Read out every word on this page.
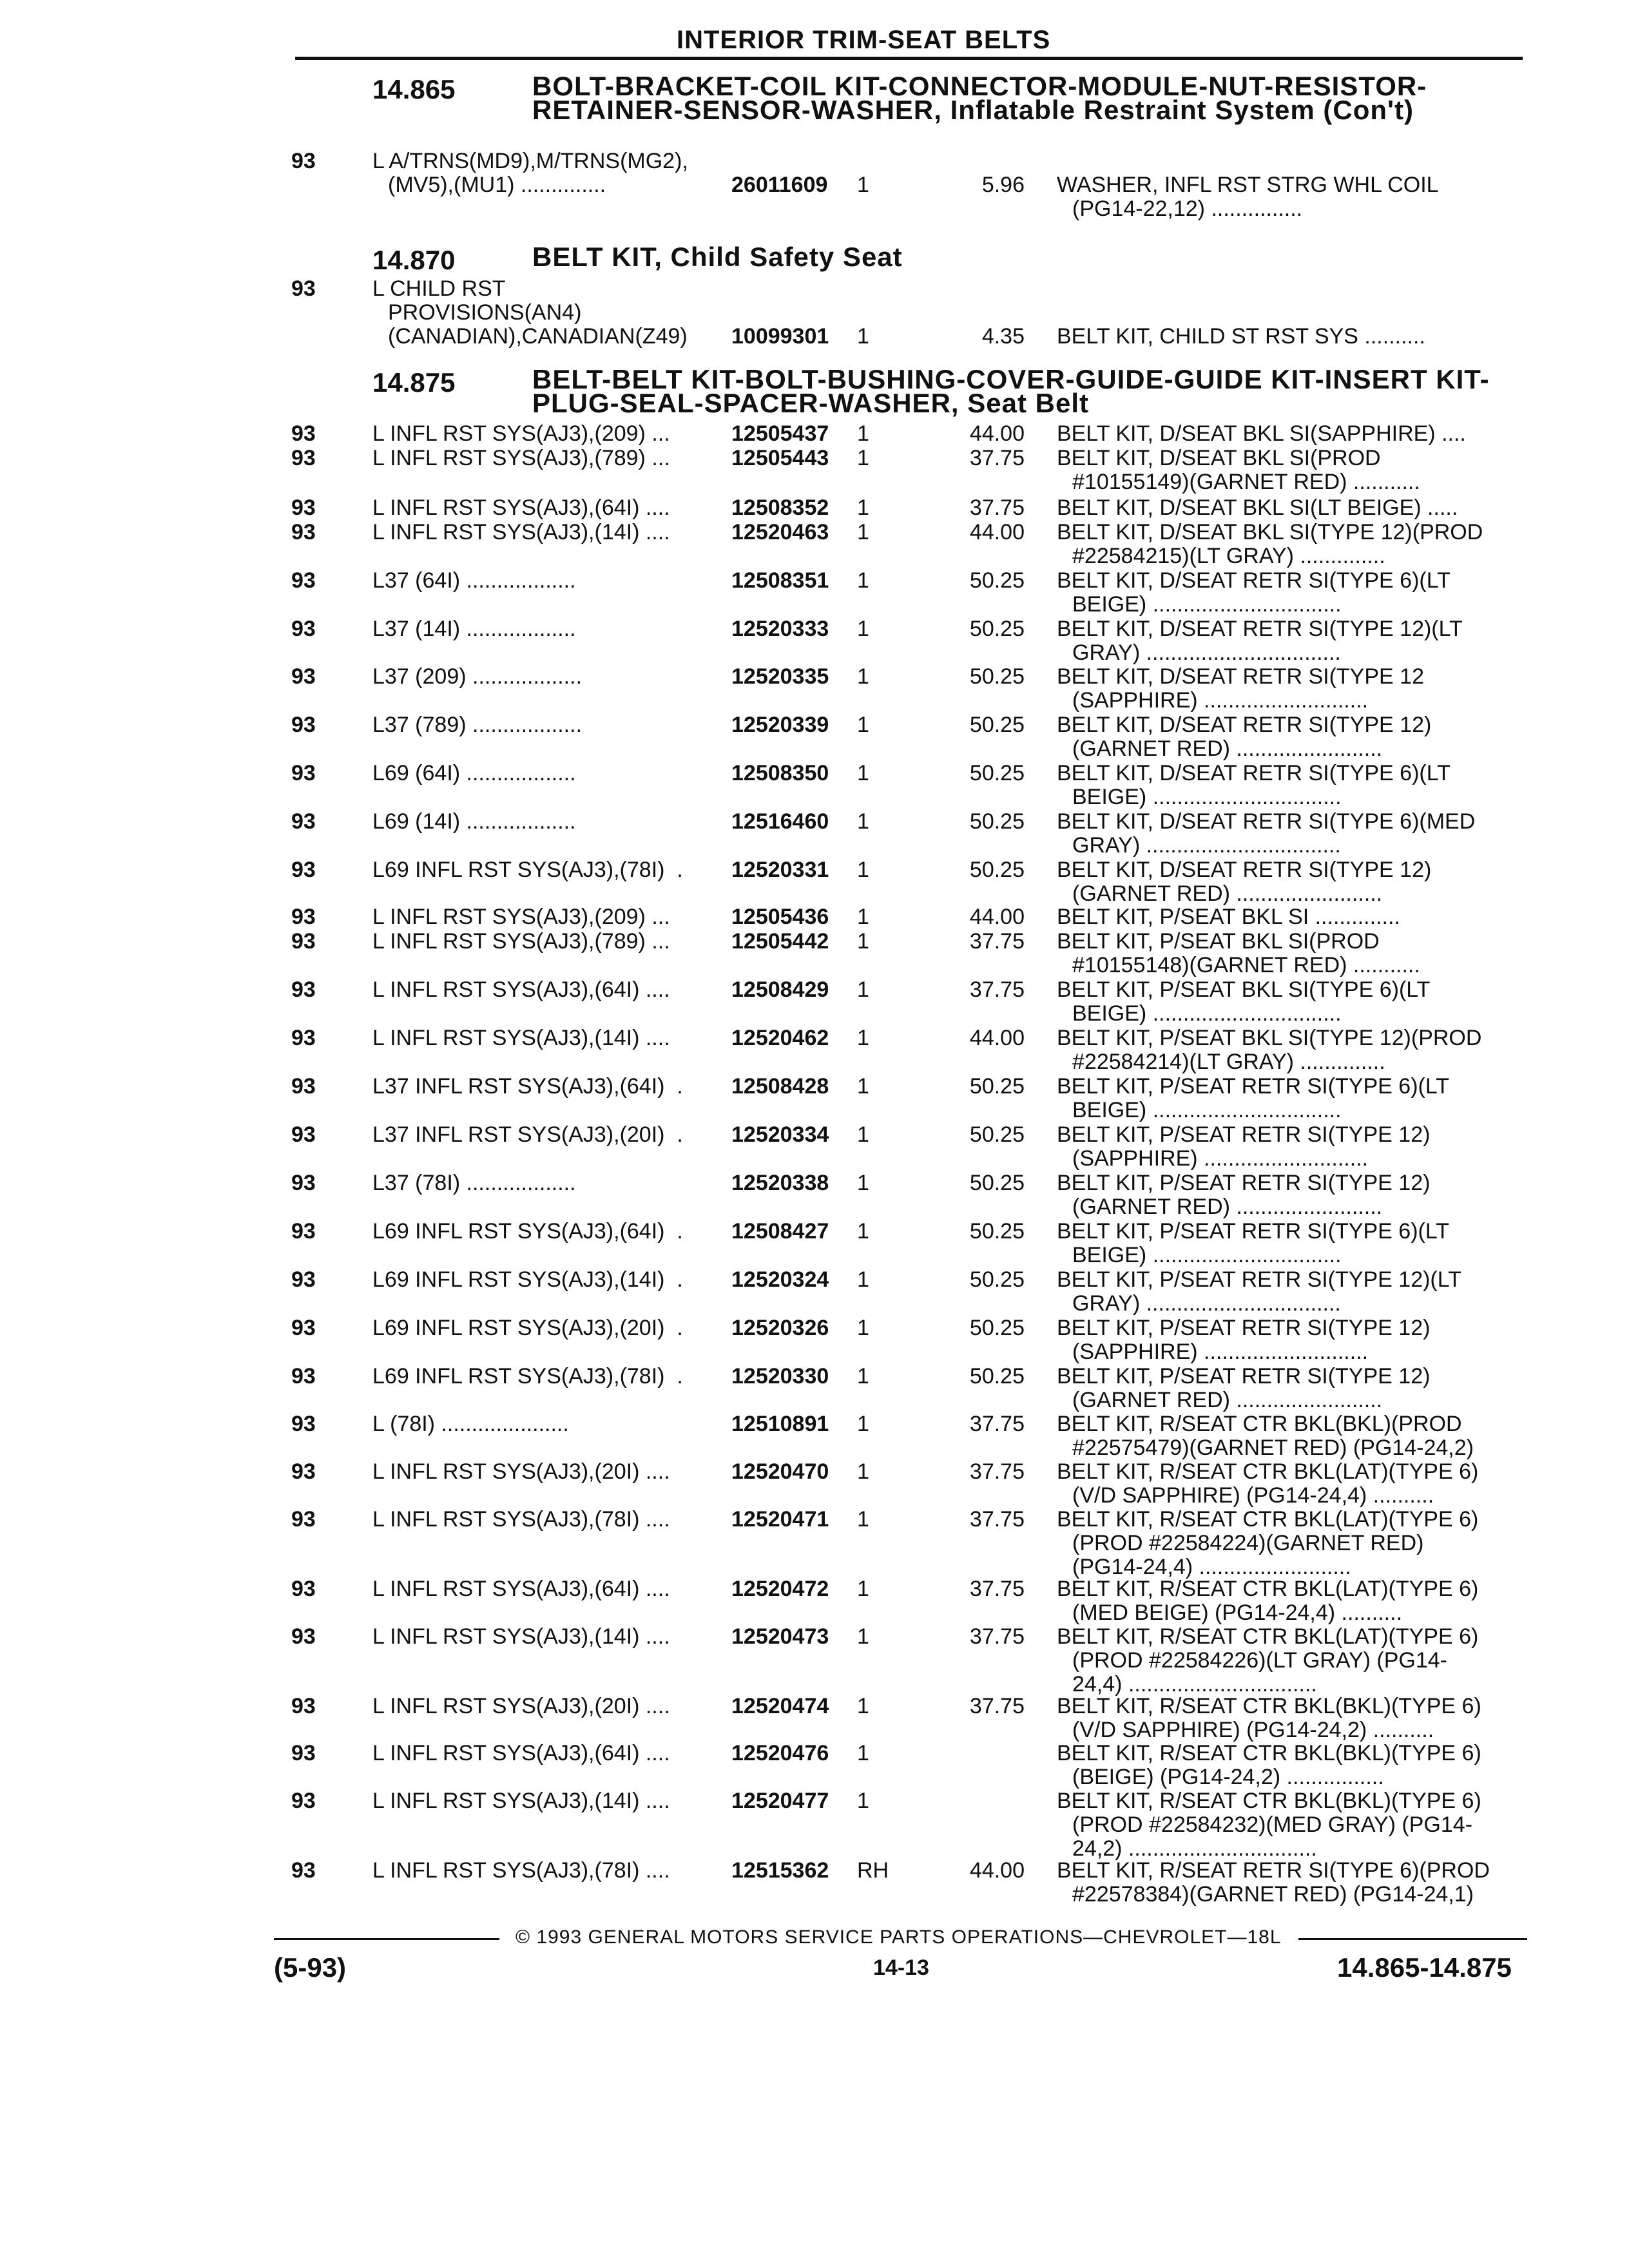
INTERIOR TRIM-SEAT BELTS
14.865	BOLT-BRACKET-COIL KIT-CONNECTOR-MODULE-NUT-RESISTOR-RETAINER-SENSOR-WASHER, Inflatable Restraint System (Con't)
14.870	BELT KIT, Child Safety Seat
14.875	BELT-BELT KIT-BOLT-BUSHING-COVER-GUIDE-GUIDE KIT-INSERT KIT-PLUG-SEAL-SPACER-WASHER, Seat Belt
93	L A/TRNS(MD9),M/TRNS(MG2),
(MV5),(MU1) ..............	26011609 1	5.96 WASHER, INFL RST STRG WHL COIL
(PG14-22,12) ...............
93	L CHILD RST
PROVISIONS(AN4)
(CANADIAN),CANADIAN(Z49)	10099301 1	4.35 BELT KIT, CHILD ST RST SYS ..........
93	L INFL RST SYS(AJ3),(209) ...	12505437 1	44.00 BELT KIT, D/SEAT BKL SI(SAPPHIRE) ....
93	L INFL RST SYS(AJ3),(789) ...	12505443 1	37.75 BELT KIT, D/SEAT BKL SI(PROD
#10155149)(GARNET RED) ...........
93	L INFL RST SYS(AJ3),(64I) ....	12508352 1	37.75 BELT KIT, D/SEAT BKL SI(LT BEIGE) .....
93	L INFL RST SYS(AJ3),(14I) ....	12520463 1	44.00 BELT KIT, D/SEAT BKL SI(TYPE 12)(PROD
#22584215)(LT GRAY) ..............
93	L37 (64I) ..................	12508351 1	50.25 BELT KIT, D/SEAT RETR SI(TYPE 6)(LT
BEIGE) ...............................
93	L37 (14I) ..................	12520333 1	50.25 BELT KIT, D/SEAT RETR SI(TYPE 12)(LT
GRAY) ................................
93	L37 (209) ..................	12520335 1	50.25 BELT KIT, D/SEAT RETR SI(TYPE 12
(SAPPHIRE) ...........................
93	L37 (789) ..................	12520339 1	50.25 BELT KIT, D/SEAT RETR SI(TYPE 12)
(GARNET RED) ........................
93	L69 (64I) ..................	12508350 1	50.25 BELT KIT, D/SEAT RETR SI(TYPE 6)(LT
BEIGE) ...............................
93	L69 (14I) ..................	12516460 1	50.25 BELT KIT, D/SEAT RETR SI(TYPE 6)(MED
GRAY) ................................
93	L69 INFL RST SYS(AJ3),(78I)  .	12520331 1	50.25 BELT KIT, D/SEAT RETR SI(TYPE 12)
(GARNET RED) ........................
93	L INFL RST SYS(AJ3),(209) ...	12505436 1	44.00 BELT KIT, P/SEAT BKL SI ..............
93	L INFL RST SYS(AJ3),(789) ...	12505442 1	37.75 BELT KIT, P/SEAT BKL SI(PROD
#10155148)(GARNET RED) ...........
93	L INFL RST SYS(AJ3),(64I) ....	12508429 1	37.75 BELT KIT, P/SEAT BKL SI(TYPE 6)(LT
BEIGE) ...............................
93	L INFL RST SYS(AJ3),(14I) ....	12520462 1	44.00 BELT KIT, P/SEAT BKL SI(TYPE 12)(PROD
#22584214)(LT GRAY) ..............
93	L37 INFL RST SYS(AJ3),(64I)  .	12508428 1	50.25 BELT KIT, P/SEAT RETR SI(TYPE 6)(LT
BEIGE) ...............................
93	L37 INFL RST SYS(AJ3),(20I)  .	12520334 1	50.25 BELT KIT, P/SEAT RETR SI(TYPE 12)
(SAPPHIRE) ...........................
93	L37 (78I) ..................	12520338 1	50.25 BELT KIT, P/SEAT RETR SI(TYPE 12)
(GARNET RED) ........................
93	L69 INFL RST SYS(AJ3),(64I)  .	12508427 1	50.25 BELT KIT, P/SEAT RETR SI(TYPE 6)(LT
BEIGE) ...............................
93	L69 INFL RST SYS(AJ3),(14I)  .	12520324 1	50.25 BELT KIT, P/SEAT RETR SI(TYPE 12)(LT
GRAY) ................................
93	L69 INFL RST SYS(AJ3),(20I)  .	12520326 1	50.25 BELT KIT, P/SEAT RETR SI(TYPE 12)
(SAPPHIRE) ...........................
93	L69 INFL RST SYS(AJ3),(78I)  .	12520330 1	50.25 BELT KIT, P/SEAT RETR SI(TYPE 12)
(GARNET RED) ........................
93	L (78I) .....................	12510891 1	37.75 BELT KIT, R/SEAT CTR BKL(BKL)(PROD
#22575479)(GARNET RED) (PG14-24,2)
93	L INFL RST SYS(AJ3),(20I) ....	12520470 1	37.75 BELT KIT, R/SEAT CTR BKL(LAT)(TYPE 6)
(V/D SAPPHIRE) (PG14-24,4) ..........
93	L INFL RST SYS(AJ3),(78I) ....	12520471 1	37.75 BELT KIT, R/SEAT CTR BKL(LAT)(TYPE 6)
(PROD #22584224)(GARNET RED)
(PG14-24,4) .........................
93	L INFL RST SYS(AJ3),(64I) ....	12520472 1	37.75 BELT KIT, R/SEAT CTR BKL(LAT)(TYPE 6)
(MED BEIGE) (PG14-24,4) ..........
93	L INFL RST SYS(AJ3),(14I) ....	12520473 1	37.75 BELT KIT, R/SEAT CTR BKL(LAT)(TYPE 6)
(PROD #22584226)(LT GRAY) (PG14-
24,4) ...............................
93	L INFL RST SYS(AJ3),(20I) ....	12520474 1	37.75 BELT KIT, R/SEAT CTR BKL(BKL)(TYPE 6)
(V/D SAPPHIRE) (PG14-24,2) ..........
93	L INFL RST SYS(AJ3),(64I) ....	12520476 1	BELT KIT, R/SEAT CTR BKL(BKL)(TYPE 6)
(BEIGE) (PG14-24,2) ................
93	L INFL RST SYS(AJ3),(14I) ....	12520477 1	BELT KIT, R/SEAT CTR BKL(BKL)(TYPE 6)
(PROD #22584232)(MED GRAY) (PG14-
24,2) ...............................
93	L INFL RST SYS(AJ3),(78I) ....	12515362 RH	44.00 BELT KIT, R/SEAT RETR SI(TYPE 6)(PROD
#22578384)(GARNET RED) (PG14-24,1)
© 1993 GENERAL MOTORS SERVICE PARTS OPERATIONS—CHEVROLET—18L
(5-93)	14-13	14.865-14.875
